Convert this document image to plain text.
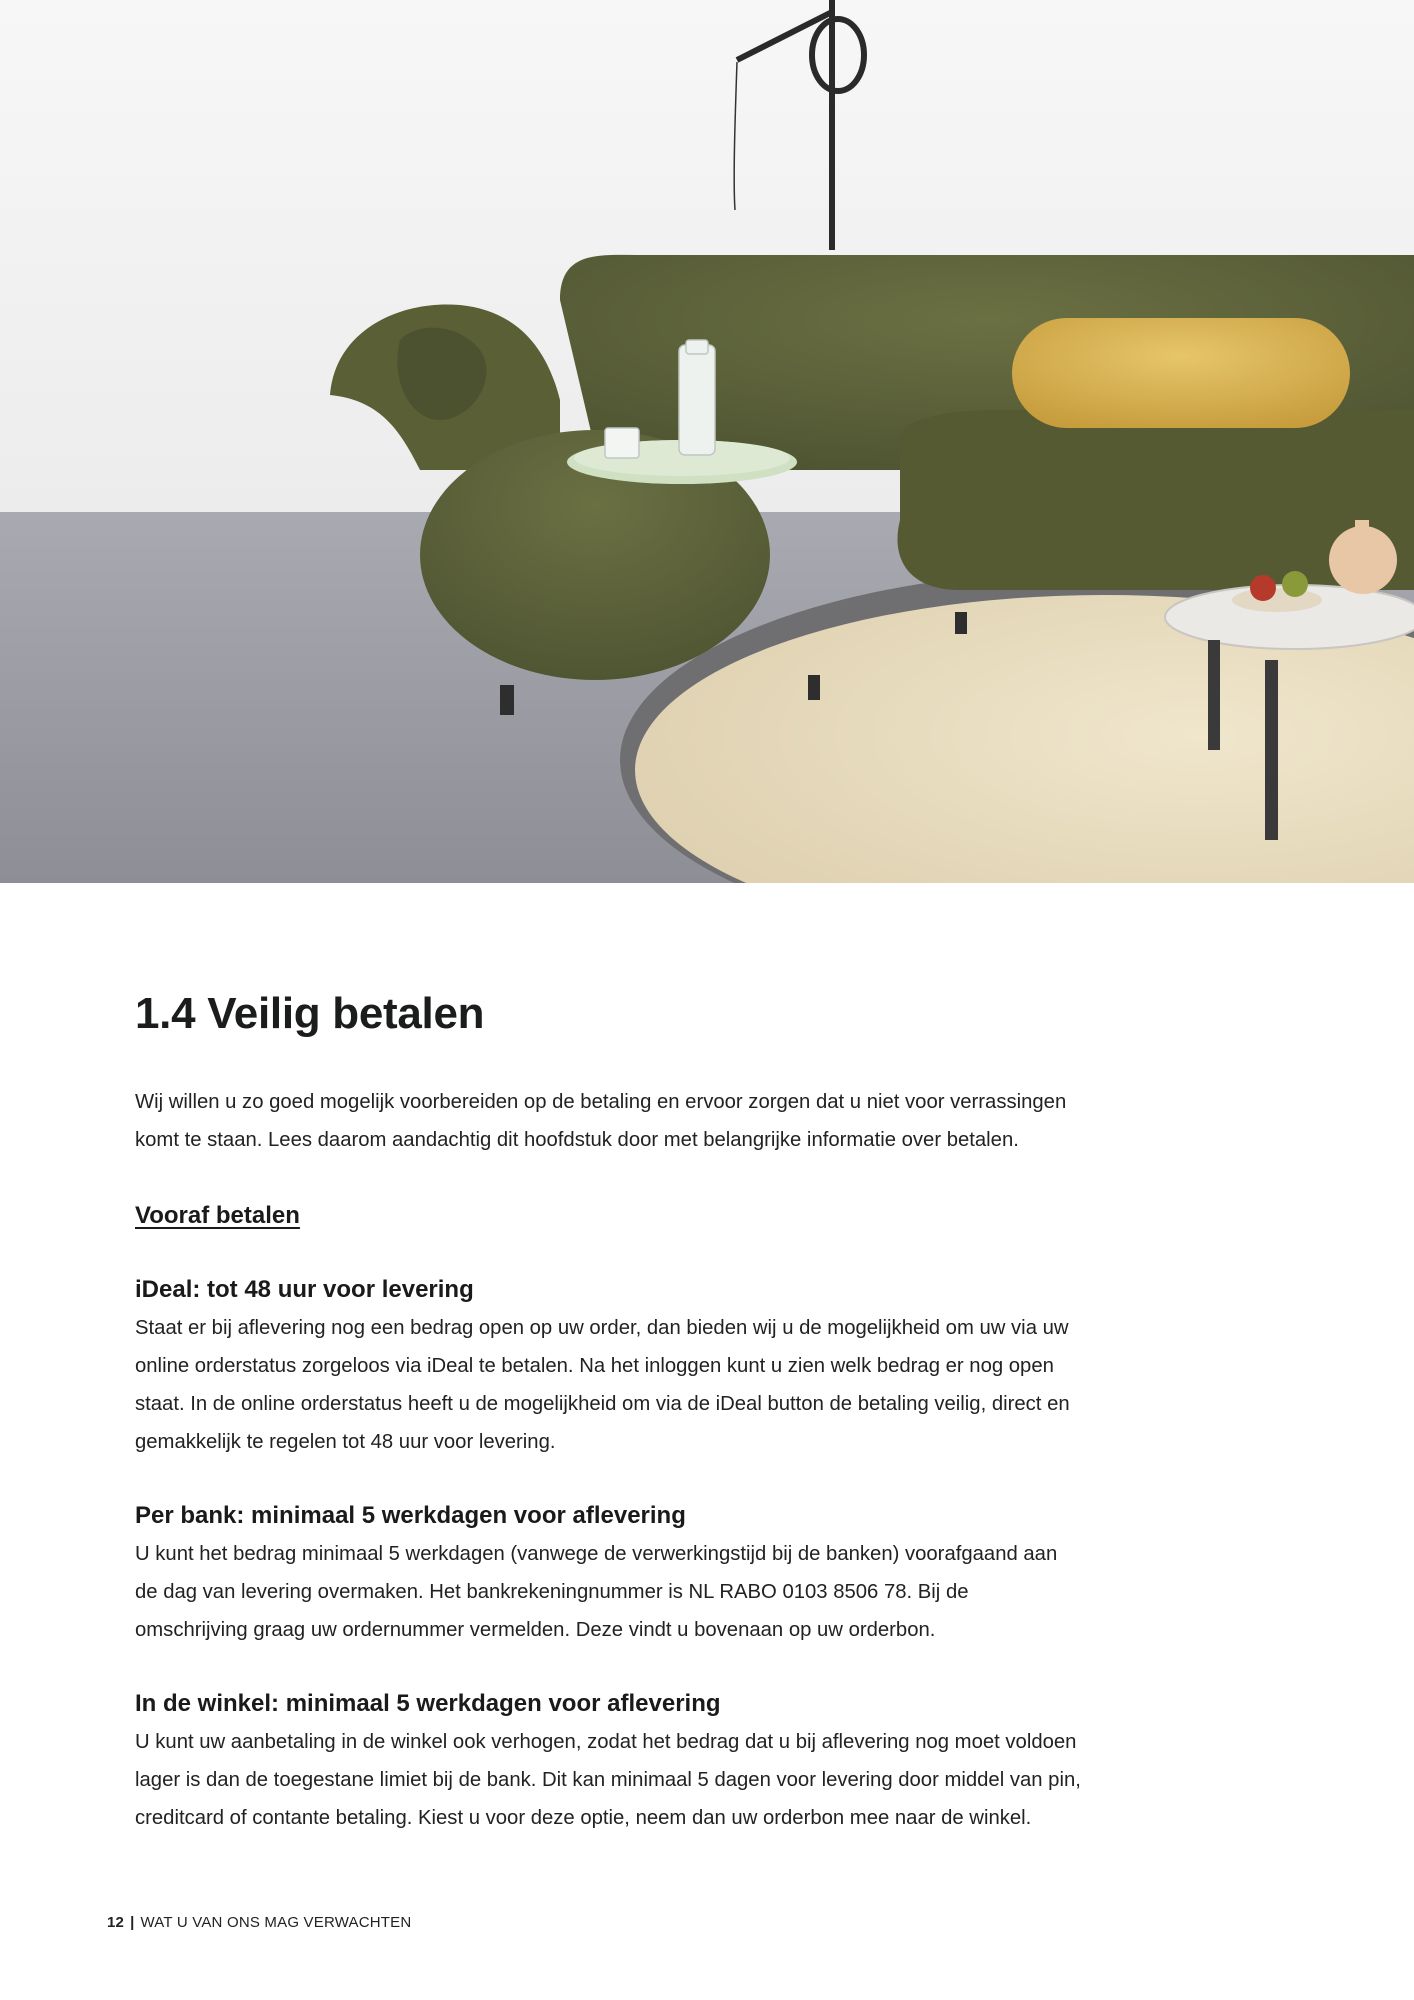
1.4 Veilig betalen

Wij willen u zo goed mogelijk voorbereiden op de betaling en ervoor zorgen dat u niet voor verrassingen komt te staan. Lees daarom aandachtig dit hoofdstuk door met belangrijke informatie over betalen.

Vooraf betalen

iDeal: tot 48 uur voor levering

Staat er bij aflevering nog een bedrag open op uw order, dan bieden wij u de mogelijkheid om uw via uw online orderstatus zorgeloos via iDeal te betalen. Na het inloggen kunt u zien welk bedrag er nog open staat. In de online orderstatus heeft u de mogelijkheid om via de iDeal button de betaling veilig, direct en gemakkelijk te regelen tot 48 uur voor levering.

Per bank: minimaal 5 werkdagen voor aflevering

U kunt het bedrag minimaal 5 werkdagen (vanwege de verwerkingstijd bij de banken) voorafgaand aan de dag van levering overmaken. Het bankrekeningnummer is NL RABO 0103 8506 78. Bij de omschrijving graag uw ordernummer vermelden. Deze vindt u bovenaan op uw orderbon.

In de winkel: minimaal 5 werkdagen voor aflevering

U kunt uw aanbetaling in de winkel ook verhogen, zodat het bedrag dat u bij aflevering nog moet voldoen lager is dan de toegestane limiet bij de bank. Dit kan minimaal 5 dagen voor levering door middel van pin, creditcard of contante betaling. Kiest u voor deze optie, neem dan uw orderbon mee naar de winkel.

12 | WAT U VAN ONS MAG VERWACHTEN
